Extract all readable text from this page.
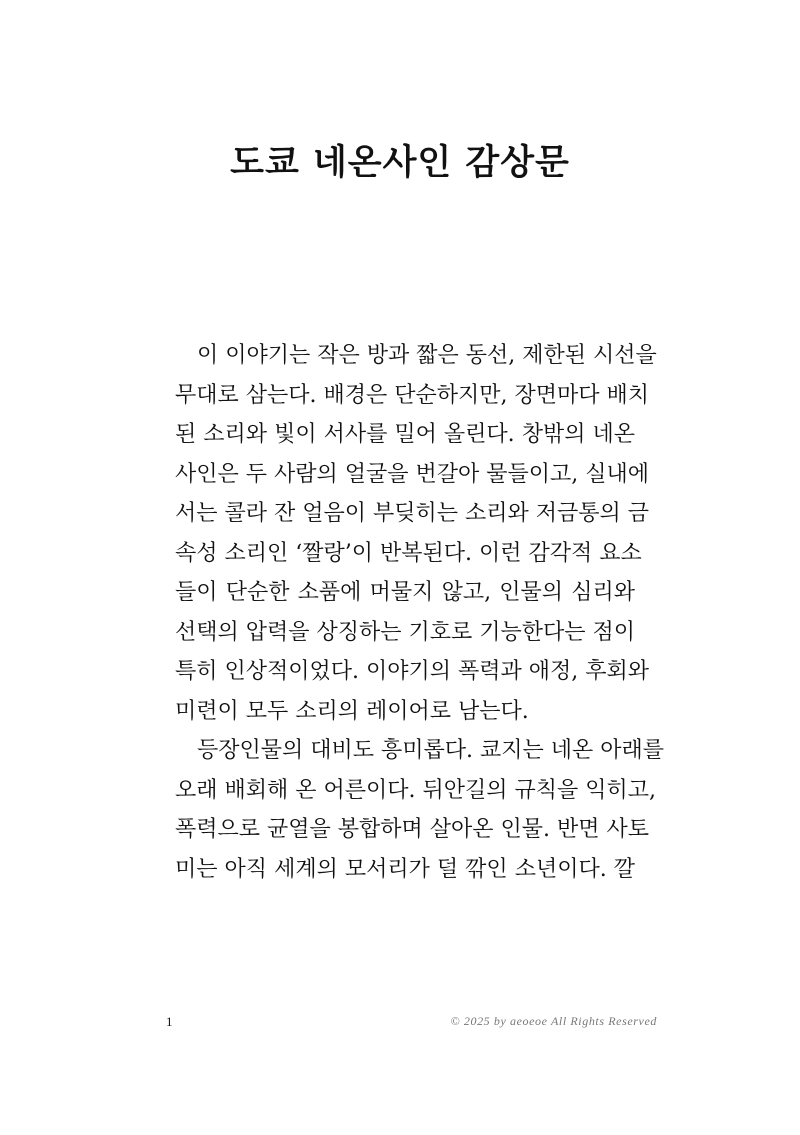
도쿄 네온사인 감상문
이 이야기는 작은 방과 짧은 동선, 제한된 시선을
무대로 삼는다. 배경은 단순하지만, 장면마다 배치
된 소리와 빛이 서사를 밀어 올린다. 창밖의 네온
사인은 두 사람의 얼굴을 번갈아 물들이고, 실내에
서는 콜라 잔 얼음이 부딪히는 소리와 저금통의 금
속성 소리인 ‘짤랑’이 반복된다. 이런 감각적 요소
들이 단순한 소품에 머물지 않고, 인물의 심리와
선택의 압력을 상징하는 기호로 기능한다는 점이
특히 인상적이었다. 이야기의 폭력과 애정, 후회와
미련이 모두 소리의 레이어로 남는다.
등장인물의 대비도 흥미롭다. 쿄지는 네온 아래를
오래 배회해 온 어른이다. 뒤안길의 규칙을 익히고,
폭력으로 균열을 봉합하며 살아온 인물. 반면 사토
미는 아직 세계의 모서리가 덜 깎인 소년이다. 깔
1	© 2025 by aeoeoe All Rights Reserved
